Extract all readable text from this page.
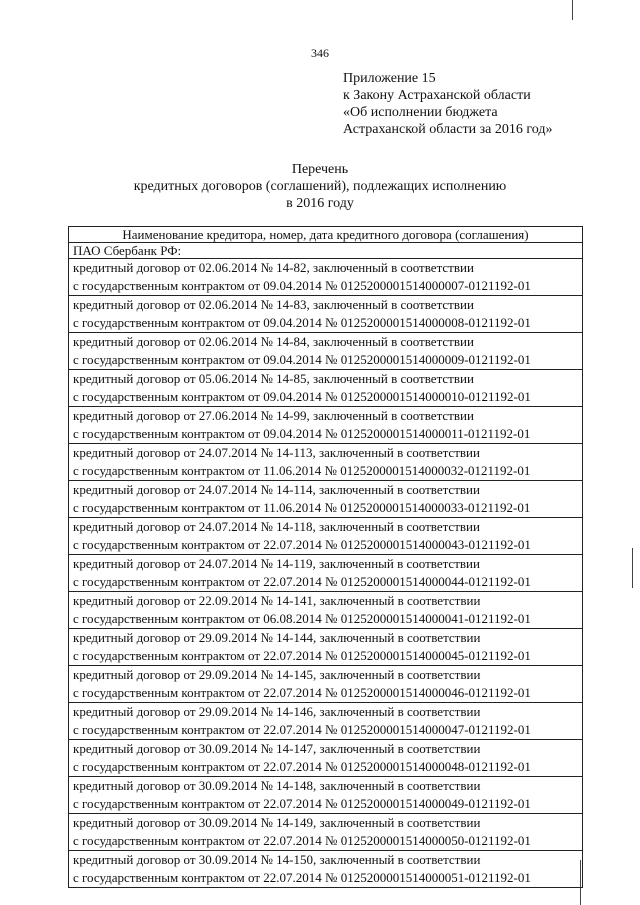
346
Приложение 15
к Закону Астраханской области
«Об исполнении бюджета
Астраханской области за 2016 год»
Перечень
кредитных договоров (соглашений), подлежащих исполнению
в 2016 году
Наименование кредитора, номер, дата кредитного договора (соглашения)
ПАО Сбербанк РФ:

кредитный договор от 02.06.2014 № 14-82, заключенный в соответствии
с государственным контрактом от 09.04.2014 № 0125200001514000007-0121192-01

кредитный договор от 02.06.2014 № 14-83, заключенный в соответствии
с государственным контрактом от 09.04.2014 № 0125200001514000008-0121192-01

кредитный договор от 02.06.2014 № 14-84, заключенный в соответствии
с государственным контрактом от 09.04.2014 № 0125200001514000009-0121192-01

кредитный договор от 05.06.2014 № 14-85, заключенный в соответствии
с государственным контрактом от 09.04.2014 № 0125200001514000010-0121192-01

кредитный договор от 27.06.2014 № 14-99, заключенный в соответствии
с государственным контрактом от 09.04.2014 № 0125200001514000011-0121192-01

кредитный договор от 24.07.2014 № 14-113, заключенный в соответствии
с государственным контрактом от 11.06.2014 № 0125200001514000032-0121192-01

кредитный договор от 24.07.2014 № 14-114, заключенный в соответствии
с государственным контрактом от 11.06.2014 № 0125200001514000033-0121192-01

кредитный договор от 24.07.2014 № 14-118, заключенный в соответствии
с государственным контрактом от 22.07.2014 № 0125200001514000043-0121192-01

кредитный договор от 24.07.2014 № 14-119, заключенный в соответствии
с государственным контрактом от 22.07.2014 № 0125200001514000044-0121192-01

кредитный договор от 22.09.2014 № 14-141, заключенный в соответствии
с государственным контрактом от 06.08.2014 № 0125200001514000041-0121192-01

кредитный договор от 29.09.2014 № 14-144, заключенный в соответствии
с государственным контрактом от 22.07.2014 № 0125200001514000045-0121192-01

кредитный договор от 29.09.2014 № 14-145, заключенный в соответствии
с государственным контрактом от 22.07.2014 № 0125200001514000046-0121192-01

кредитный договор от 29.09.2014 № 14-146, заключенный в соответствии
с государственным контрактом от 22.07.2014 № 0125200001514000047-0121192-01

кредитный договор от 30.09.2014 № 14-147, заключенный в соответствии
с государственным контрактом от 22.07.2014 № 0125200001514000048-0121192-01

кредитный договор от 30.09.2014 № 14-148, заключенный в соответствии
с государственным контрактом от 22.07.2014 № 0125200001514000049-0121192-01

кредитный договор от 30.09.2014 № 14-149, заключенный в соответствии
с государственным контрактом от 22.07.2014 № 0125200001514000050-0121192-01

кредитный договор от 30.09.2014 № 14-150, заключенный в соответствии
с государственным контрактом от 22.07.2014 № 0125200001514000051-0121192-01
